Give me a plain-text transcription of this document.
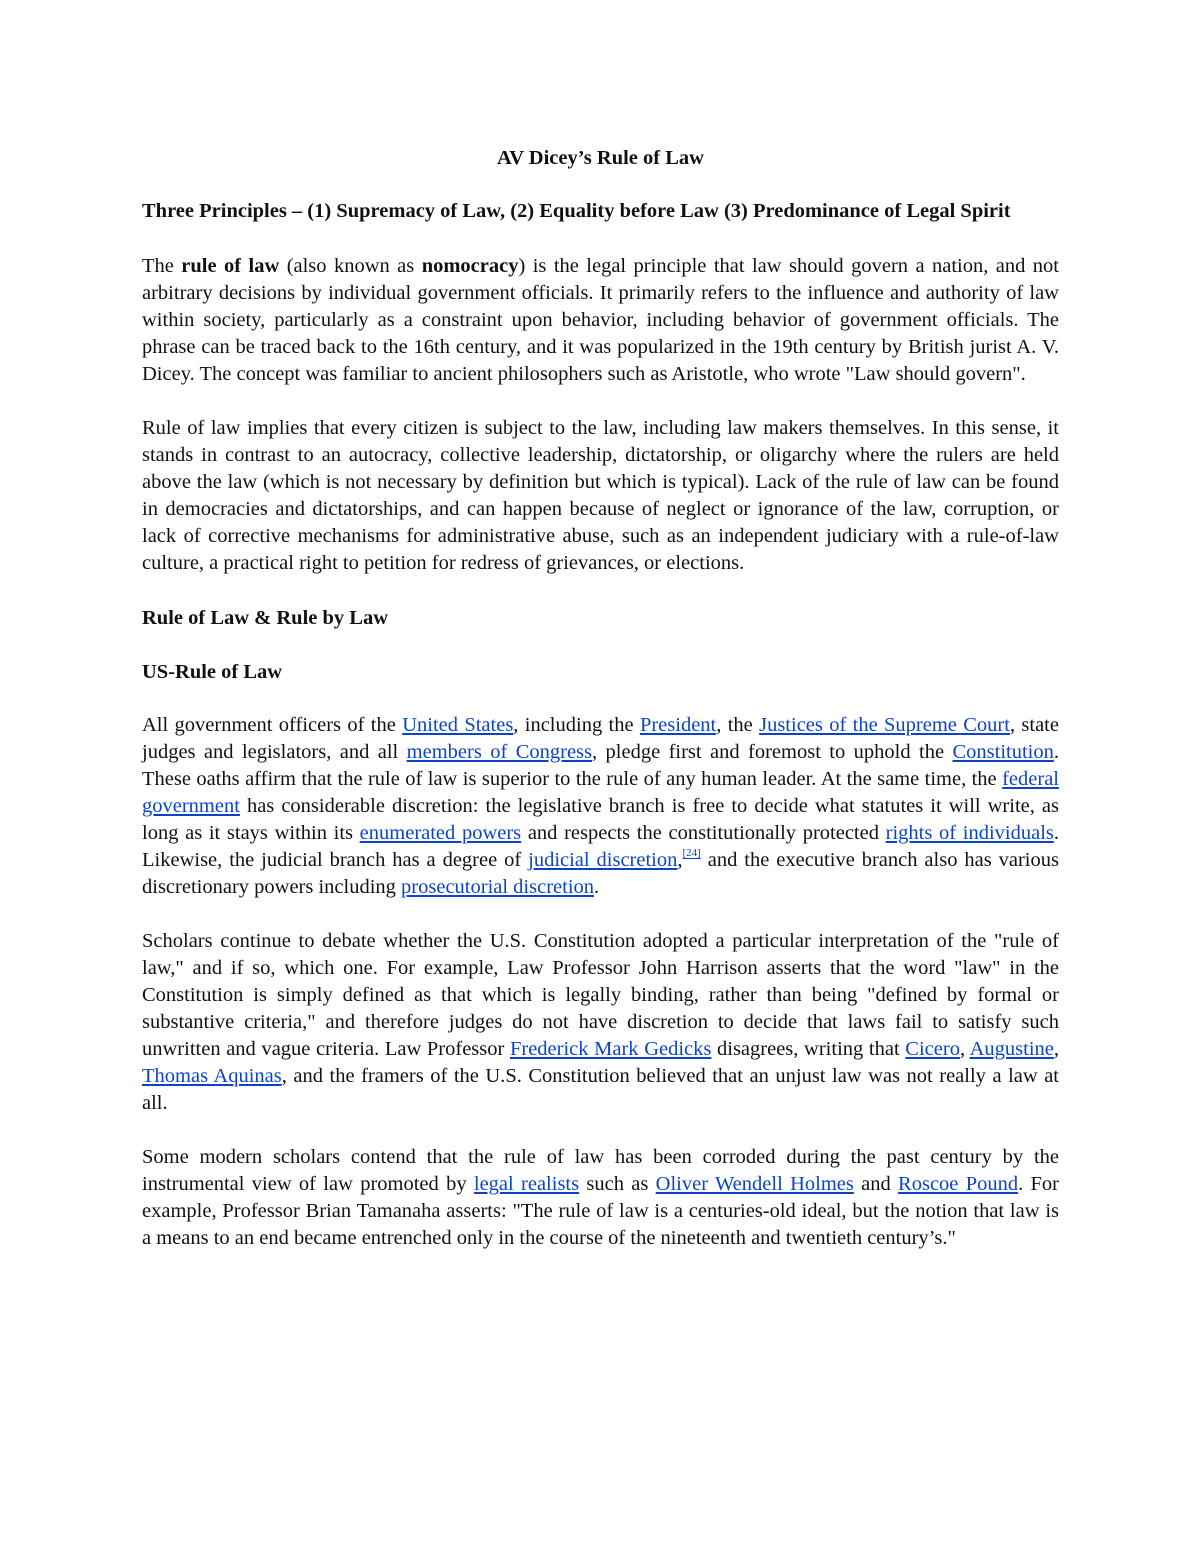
AV Dicey’s Rule of Law
Three Principles – (1) Supremacy of Law, (2) Equality before Law (3) Predominance of Legal Spirit

The rule of law (also known as nomocracy) is the legal principle that law should govern a nation, and not arbitrary decisions by individual government officials. It primarily refers to the influence and authority of law within society, particularly as a constraint upon behavior, including behavior of government officials. The phrase can be traced back to the 16th century, and it was popularized in the 19th century by British jurist A. V. Dicey. The concept was familiar to ancient philosophers such as Aristotle, who wrote "Law should govern".

Rule of law implies that every citizen is subject to the law, including law makers themselves. In this sense, it stands in contrast to an autocracy, collective leadership, dictatorship, or oligarchy where the rulers are held above the law (which is not necessary by definition but which is typical). Lack of the rule of law can be found in democracies and dictatorships, and can happen because of neglect or ignorance of the law, corruption, or lack of corrective mechanisms for administrative abuse, such as an independent judiciary with a rule-of-law culture, a practical right to petition for redress of grievances, or elections.

Rule of Law & Rule by Law
US-Rule of Law

All government officers of the United States, including the President, the Justices of the Supreme Court, state judges and legislators, and all members of Congress, pledge first and foremost to uphold the Constitution. These oaths affirm that the rule of law is superior to the rule of any human leader. At the same time, the federal government has considerable discretion: the legislative branch is free to decide what statutes it will write, as long as it stays within its enumerated powers and respects the constitutionally protected rights of individuals. Likewise, the judicial branch has a degree of judicial discretion,[24] and the executive branch also has various discretionary powers including prosecutorial discretion.

Scholars continue to debate whether the U.S. Constitution adopted a particular interpretation of the "rule of law," and if so, which one. For example, Law Professor John Harrison asserts that the word "law" in the Constitution is simply defined as that which is legally binding, rather than being "defined by formal or substantive criteria," and therefore judges do not have discretion to decide that laws fail to satisfy such unwritten and vague criteria. Law Professor Frederick Mark Gedicks disagrees, writing that Cicero, Augustine, Thomas Aquinas, and the framers of the U.S. Constitution believed that an unjust law was not really a law at all.

Some modern scholars contend that the rule of law has been corroded during the past century by the instrumental view of law promoted by legal realists such as Oliver Wendell Holmes and Roscoe Pound. For example, Professor Brian Tamanaha asserts: "The rule of law is a centuries-old ideal, but the notion that law is a means to an end became entrenched only in the course of the nineteenth and twentieth century’s."
